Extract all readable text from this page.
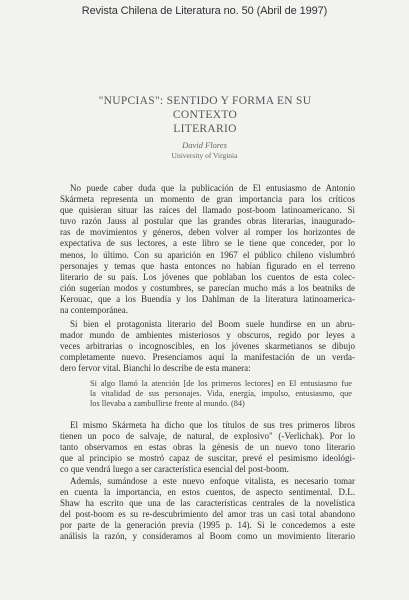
Revista Chilena de Literatura no. 50 (Abril de 1997)
"NUPCIAS": SENTIDO Y FORMA EN SU CONTEXTO
LITERARIO
David Flores
University of Virginia
No puede caber duda que la publicación de El entusiasmo de Antonio
Skármeta representa un momento de gran importancia para los críticos
que quisieran situar las raíces del llamado post-boom latinoamericano. Si
tuvo razón Jauss al postular que las grandes obras literarias, inaugurado-
ras de movimientos y géneros, deben volver al romper los horizontes de
expectativa de sus lectores, a este libro se le tiene que conceder, por lo
menos, lo último. Con su aparición en 1967 el público chileno vislumbró
personajes y temas que hasta entonces no habían figurado en el terreno
literario de su país. Los jóvenes que poblaban los cuentos de esta colec-
ción sugerían modos y costumbres, se parecían mucho más a los beatniks de
Kerouac, que a los Buendía y los Dahlman de la literatura latinoamerica-
na contemporánea.
Si bien el protagonista literario del Boom suele hundirse en un abru-
mador mundo de ambientes misteriosos y obscuros, regido por leyes a
veces arbitrarias o incognoscibles, en los jóvenes skarmetianos se dibujo
completamente nuevo. Presenciamos aquí la manifestación de un verda-
dero fervor vital. Bianchi lo describe de esta manera:
Si algo llamó la atención [de los primeros lectores] en El entusiasmo fue
la vitalidad de sus personajes. Vida, energía, impulso, entusiasmo, que
los llevaba a zambullirse frente al mundo. (84)
El mismo Skármeta ha dicho que los títulos de sus tres primeros libros
tienen un poco de salvaje, de natural, de explosivo" (-Verlichak). Por lo
tanto observamos en estas obras la génesis de un nuevo tono literario
que al principio se mostró capaz de suscitar, prevé el pesimismo ideológi-
co que vendrá luego a ser característica esencial del post-boom.
Además, sumándose a este nuevo enfoque vitalista, es necesario tomar
en cuenta la importancia, en estos cuentos, de aspecto sentimental. D.L.
Shaw ha escrito que una de las características centrales de la novelística
del post-boom es su re-descubrimiento del amor tras un casi total abandono
por parte de la generación previa (1995 p. 14). Si le concedemos a este
análisis la razón, y consideramos al Boom como un movimiento literario
